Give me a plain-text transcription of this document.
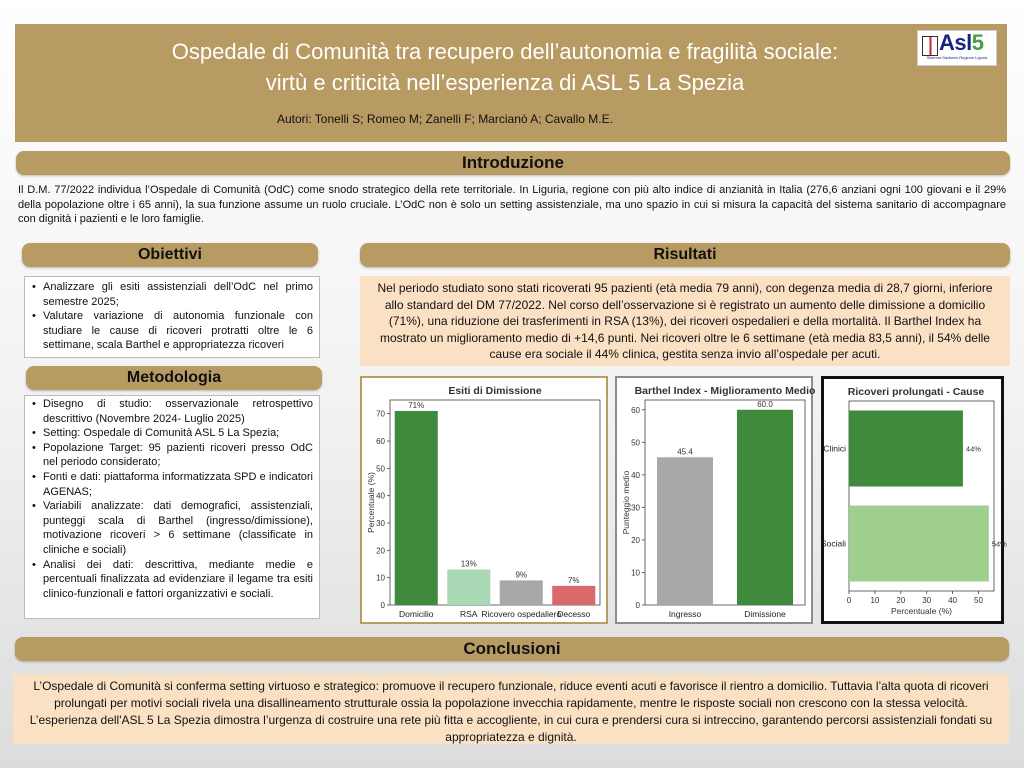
Ospedale di Comunità tra recupero dell’autonomia e fragilità sociale:
virtù e criticità nell’esperienza di ASL 5 La Spezia
Autori: Tonelli S; Romeo M; Zanelli F; Marcianò A; Cavallo M.E.
Asl5
Sistema Sanitario Regione Liguria
Introduzione
Il D.M. 77/2022 individua l’Ospedale di Comunità (OdC) come snodo strategico della rete territoriale. In Liguria, regione con più alto indice di anzianità in Italia (276,6 anziani ogni 100 giovani e il 29% della popolazione oltre i 65 anni), la sua funzione assume un ruolo cruciale. L’OdC non è solo un setting assistenziale, ma uno spazio in cui si misura la capacità del sistema sanitario di accompagnare con dignità i pazienti e le loro famiglie.
Obiettivi
• Analizzare gli esiti assistenziali dell’OdC nel primo semestre 2025;
• Valutare variazione di autonomia funzionale con studiare le cause di ricoveri protratti oltre le 6 settimane, scala Barthel e appropriatezza ricoveri
Metodologia
• Disegno di studio: osservazionale retrospettivo descrittivo (Novembre 2024- Luglio 2025)
• Setting: Ospedale di Comunità ASL 5 La Spezia;
• Popolazione Target: 95 pazienti ricoveri presso OdC nel periodo considerato;
• Fonti e dati: piattaforma informatizzata SPD e indicatori AGENAS;
• Variabili analizzate: dati demografici, assistenziali, punteggi scala di Barthel (ingresso/dimissione), motivazione ricoveri > 6 settimane (classificate in cliniche e sociali)
• Analisi dei dati: descrittiva, mediante medie e percentuali finalizzata ad evidenziare il legame tra esiti clinico-funzionali e fattori organizzativi e sociali.
Risultati
Nel periodo studiato sono stati ricoverati 95 pazienti (età media 79 anni), con degenza media di 28,7 giorni, inferiore allo standard del DM 77/2022. Nel corso dell’osservazione si è registrato un aumento delle dimissione a domicilio (71%), una riduzione dei trasferimenti in RSA (13%), dei ricoveri ospedalieri e della mortalità. Il Barthel Index ha mostrato un miglioramento medio di +14,6 punti. Nei ricoveri oltre le 6 settimane (età media 83,5 anni), il 54% delle cause era sociale il 44% clinica, gestita senza invio all’ospedale per acuti.
Esiti di Dimissione
0
10
20
30
40
50
60
70
Percentuale (%)
71%
Domicilio
13%
RSA
9%
Ricovero ospedaliero
7%
Decesso
Barthel Index - Miglioramento Medio
0
10
20
30
40
50
60
Punteggio medio
45.4
Ingresso
60.0
Dimissione
Ricoveri prolungati - Cause
0 10 20 30 40 50
Percentuale (%)
44%
Clinici
54%
Sociali
Conclusioni
L’Ospedale di Comunità si conferma setting virtuoso e strategico: promuove il recupero funzionale, riduce eventi acuti e favorisce il rientro a domicilio. Tuttavia l’alta quota di ricoveri prolungati per motivi sociali rivela una disallineamento strutturale ossia la popolazione invecchia rapidamente, mentre le risposte sociali non crescono con la stessa velocità. L’esperienza dell'ASL 5 La Spezia dimostra l’urgenza di costruire una rete più fitta e accogliente, in cui cura e prendersi cura si intreccino, garantendo percorsi assistenziali fondati su appropriatezza e dignità.
